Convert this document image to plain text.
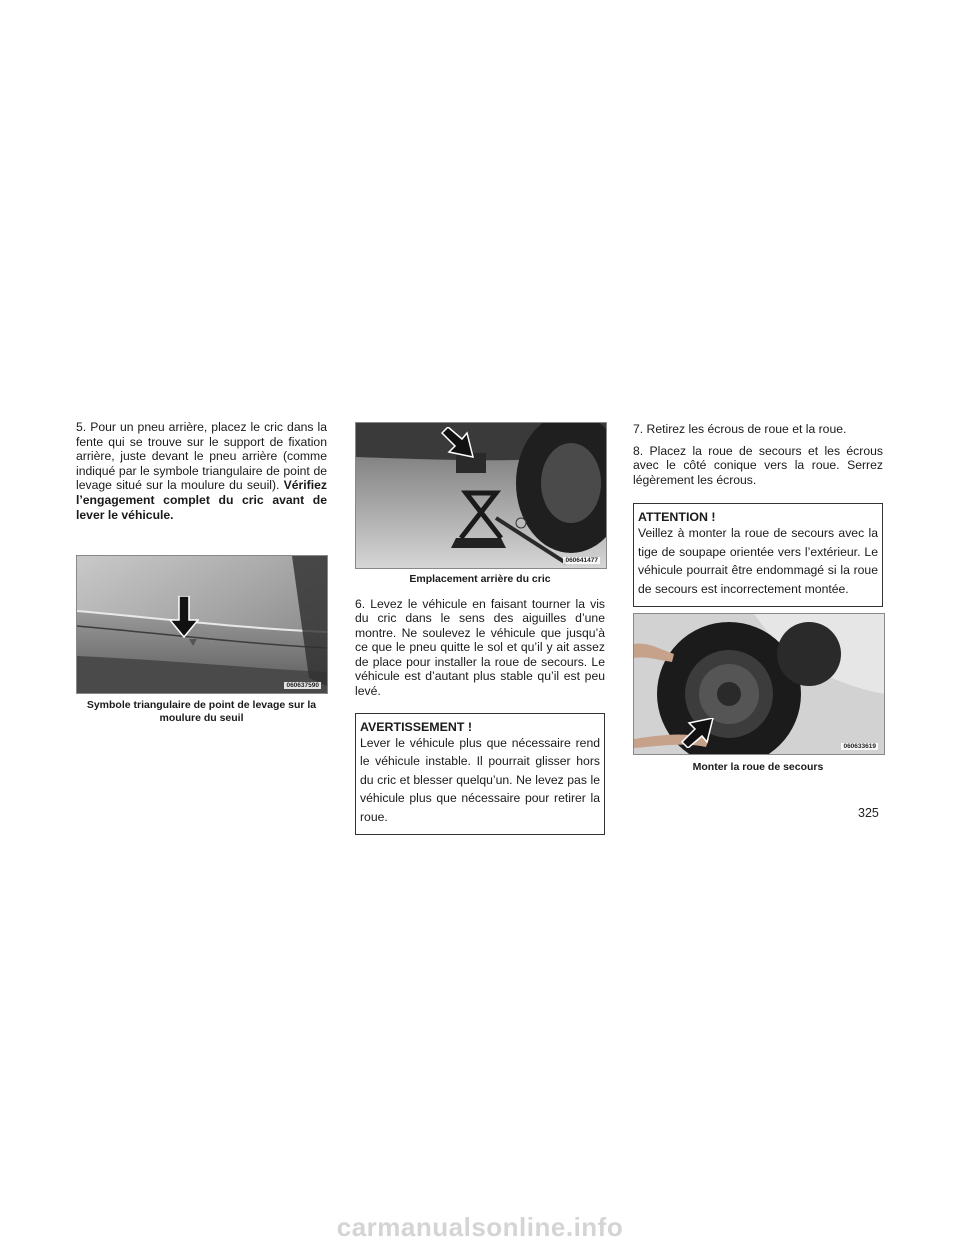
5. Pour un pneu arrière, placez le cric dans la fente qui se trouve sur le support de fixation arrière, juste devant le pneu arrière (comme indiqué par le symbole triangulaire de point de levage situé sur la moulure du seuil). Vérifiez l’engagement complet du cric avant de lever le véhicule.

060637590
Symbole triangulaire de point de levage sur la moulure du seuil
060641477
Emplacement arrière du cric

6. Levez le véhicule en faisant tourner la vis du cric dans le sens des aiguilles d’une montre. Ne soulevez le véhicule que jusqu’à ce que le pneu quitte le sol et qu’il y ait assez de place pour installer la roue de secours. Le véhicule est d’autant plus stable qu’il est peu levé.

AVERTISSEMENT !
Lever le véhicule plus que nécessaire rend le véhicule instable. Il pourrait glisser hors du cric et blesser quelqu’un. Ne levez pas le véhicule plus que nécessaire pour retirer la roue.

7. Retirez les écrous de roue et la roue.

8. Placez la roue de secours et les écrous avec le côté conique vers la roue. Serrez légèrement les écrous.

ATTENTION !
Veillez à monter la roue de secours avec la tige de soupape orientée vers l’extérieur. Le véhicule pourrait être endommagé si la roue de secours est incorrectement montée.
060633619
Monter la roue de secours
325
carmanualsonline.info
